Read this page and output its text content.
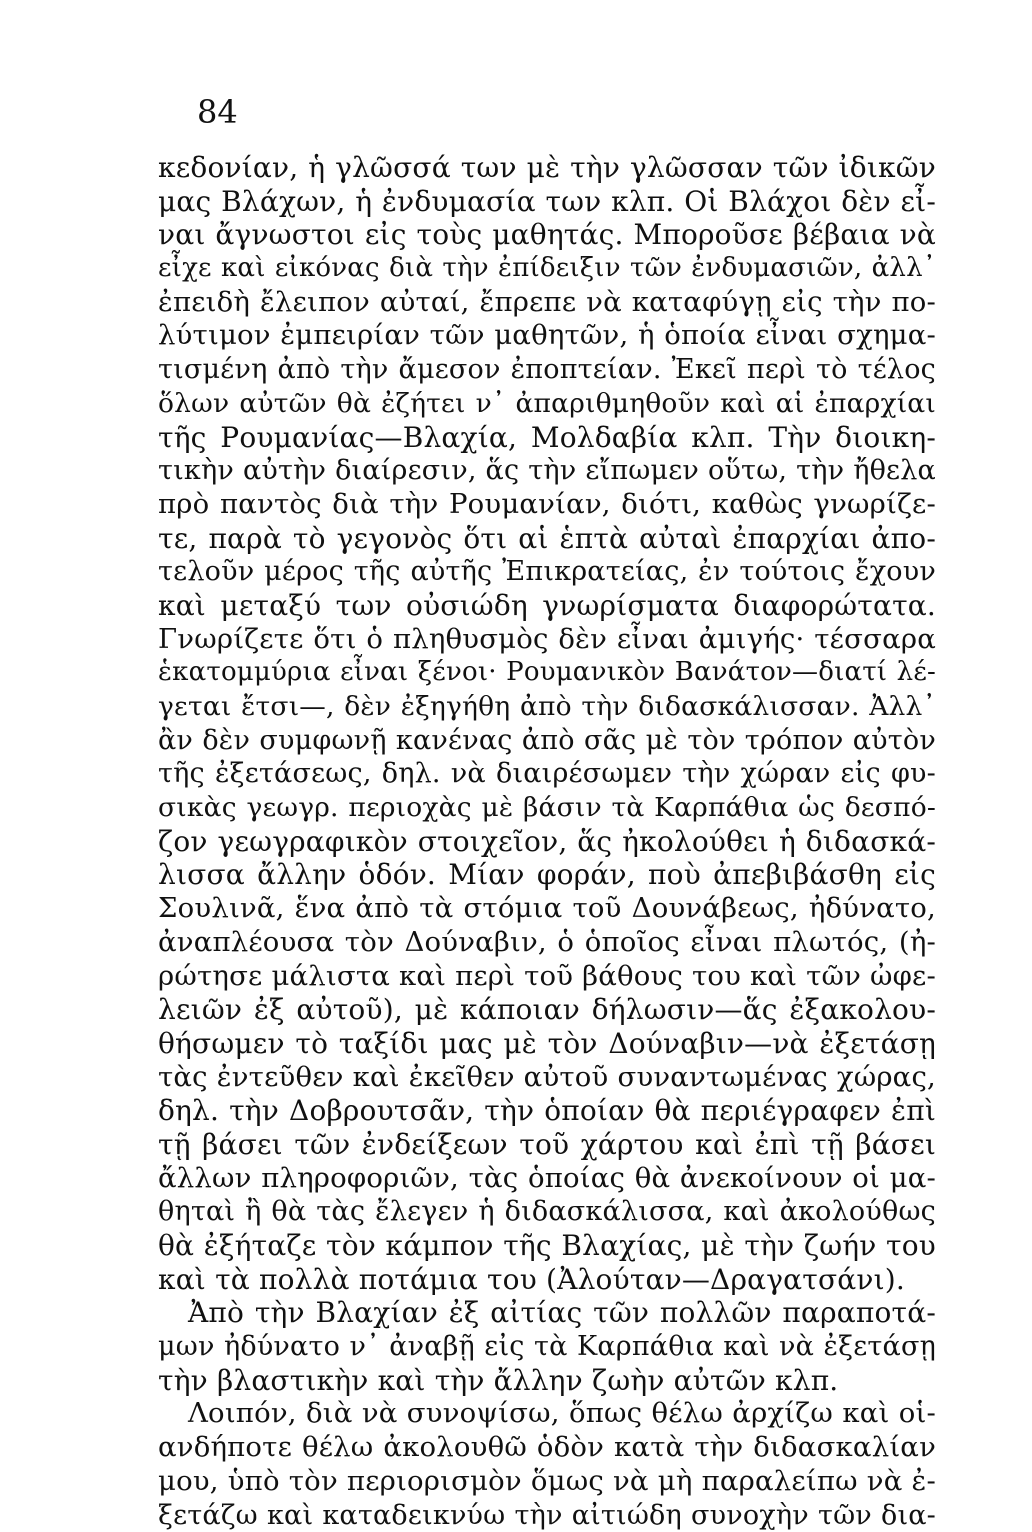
84
κεδονίαν, ἡ γλῶσσά των μὲ τὴν γλῶσσαν τῶν ἰδικῶν
μας Βλάχων, ἡ ἐνδυμασία των κλπ. Οἱ Βλάχοι δὲν εἶ-
ναι ἄγνωστοι εἰς τοὺς μαθητάς. Μποροῦσε βέβαια νὰ
εἶχε καὶ εἰκόνας διὰ τὴν ἐπίδειξιν τῶν ἐνδυμασιῶν, ἀλλ᾽
ἐπειδὴ ἔλειπον αὐταί, ἔπρεπε νὰ καταφύγῃ εἰς τὴν πο-
λύτιμον ἐμπειρίαν τῶν μαθητῶν, ἡ ὁποία εἶναι σχημα-
τισμένη ἀπὸ τὴν ἄμεσον ἐποπτείαν. Ἐκεῖ περὶ τὸ τέλος
ὅλων αὐτῶν θὰ ἐζήτει ν᾽ ἀπαριθμηθοῦν καὶ αἱ ἐπαρχίαι
τῆς Ρουμανίας—Βλαχία, Μολδαβία κλπ. Τὴν διοικη-
τικὴν αὐτὴν διαίρεσιν, ἅς τὴν εἴπωμεν οὕτω, τὴν ἤθελα
πρὸ παντὸς διὰ τὴν Ρουμανίαν, διότι, καθὼς γνωρίζε-
τε, παρὰ τὸ γεγονὸς ὅτι αἱ ἑπτὰ αὐταὶ ἐπαρχίαι ἀπο-
τελοῦν μέρος τῆς αὐτῆς Ἐπικρατείας, ἐν τούτοις ἔχουν
καὶ μεταξύ των οὐσιώδη γνωρίσματα διαφορώτατα.
Γνωρίζετε ὅτι ὁ πληθυσμὸς δὲν εἶναι ἀμιγής· τέσσαρα
ἑκατομμύρια εἶναι ξένοι· Ρουμανικὸν Βανάτον—διατί λέ-
γεται ἔτσι—, δὲν ἐξηγήθη ἀπὸ τὴν διδασκάλισσαν. Ἀλλ᾽
ἂν δὲν συμφωνῇ κανένας ἀπὸ σᾶς μὲ τὸν τρόπον αὐτὸν
τῆς ἐξετάσεως, δηλ. νὰ διαιρέσωμεν τὴν χώραν εἰς φυ-
σικὰς γεωγρ. περιοχὰς μὲ βάσιν τὰ Καρπάθια ὡς δεσπό-
ζον γεωγραφικὸν στοιχεῖον, ἅς ἠκολούθει ἡ διδασκά-
λισσα ἄλλην ὁδόν. Μίαν φοράν, ποὺ ἀπεβιβάσθη εἰς
Σουλινᾶ, ἕνα ἀπὸ τὰ στόμια τοῦ Δουνάβεως, ἠδύνατο,
ἀναπλέουσα τὸν Δούναβιν, ὁ ὁποῖος εἶναι πλωτός, (ἠ-
ρώτησε μάλιστα καὶ περὶ τοῦ βάθους του καὶ τῶν ὠφε-
λειῶν ἐξ αὐτοῦ), μὲ κάποιαν δήλωσιν—ἅς ἐξακολου-
θήσωμεν τὸ ταξίδι μας μὲ τὸν Δούναβιν—νὰ ἐξετάσῃ
τὰς ἐντεῦθεν καὶ ἐκεῖθεν αὐτοῦ συναντωμένας χώρας,
δηλ. τὴν Δοβρουτσᾶν, τὴν ὁποίαν θὰ περιέγραφεν ἐπὶ
τῇ βάσει τῶν ἐνδείξεων τοῦ χάρτου καὶ ἐπὶ τῇ βάσει
ἄλλων πληροφοριῶν, τὰς ὁποίας θὰ ἀνεκοίνουν οἱ μα-
θηταὶ ἢ θὰ τὰς ἔλεγεν ἡ διδασκάλισσα, καὶ ἀκολούθως
θὰ ἐξήταζε τὸν κάμπον τῆς Βλαχίας, μὲ τὴν ζωήν του
καὶ τὰ πολλὰ ποτάμια του (Ἀλούταν—Δραγατσάνι).
Ἀπὸ τὴν Βλαχίαν ἐξ αἰτίας τῶν πολλῶν παραποτά-
μων ἠδύνατο ν᾽ ἀναβῇ εἰς τὰ Καρπάθια καὶ νὰ ἐξετάσῃ
τὴν βλαστικὴν καὶ τὴν ἄλλην ζωὴν αὐτῶν κλπ.
Λοιπόν, διὰ νὰ συνοψίσω, ὅπως θέλω ἀρχίζω καὶ οἱ-
ανδήποτε θέλω ἀκολουθῶ ὁδὸν κατὰ τὴν διδασκαλίαν
μου, ὑπὸ τὸν περιορισμὸν ὅμως νὰ μὴ παραλείπω νὰ ἐ-
ξετάζω καὶ καταδεικνύω τὴν αἰτιώδη συνοχὴν τῶν δια-
